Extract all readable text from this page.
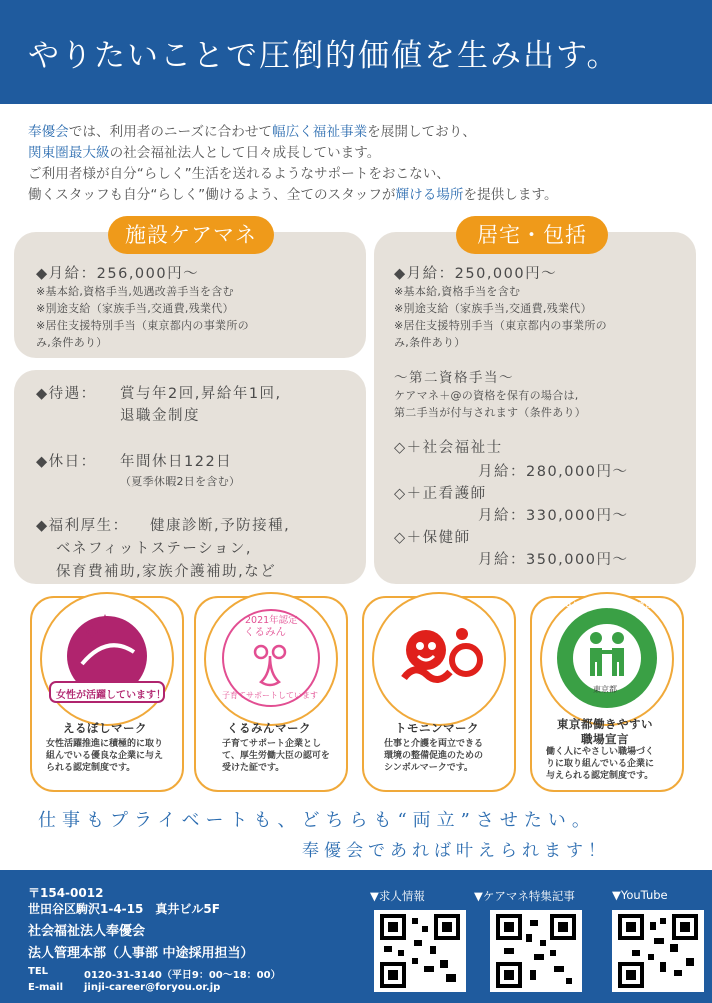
やりたいことで圧倒的価値を生み出す。
奉優会では、利用者のニーズに合わせて幅広く福祉事業を展開しており、
関東圏最大級の社会福祉法人として日々成長しています。
ご利用者様が自分“らしく”生活を送れるようなサポートをおこない、
働くスタッフも自分“らしく”働けるよう、全てのスタッフが輝ける場所を提供します。
施設ケアマネ
◆月給：256,000円～
※基本給,資格手当,処遇改善手当を含む
※別途支給（家族手当,交通費,残業代）
※居住支援特別手当（東京都内の事業所の
み,条件あり）
◆待遇： 賞与年2回,昇給年1回,
退職金制度
◆休日： 年間休日122日
（夏季休暇2日を含む）
◆福利厚生： 健康診断,予防接種,
ベネフィットステーション,
保育費補助,家族介護補助,など
居宅・包括
◆月給：250,000円～
※基本給,資格手当を含む
※別途支給（家族手当,交通費,残業代）
※居住支援特別手当（東京都内の事業所の
み,条件あり）
～第二資格手当～
ケアマネ＋@の資格を保有の場合は,
第二手当が付与されます（条件あり）
◇＋社会福祉士
月給：280,000円～
◇＋正看護師
月給：330,000円～
◇＋保健師
月給：350,000円～
女性が活躍しています！
えるぼしマーク
女性活躍推進に積極的に取り
組んでいる優良な企業に与え
られる認定制度です。
2021年認定
くるみん
子育てサポートしています
くるみんマーク
子育てサポート企業とし
て、厚生労働大臣の認可を
受けた証です。
トモニンマーク
仕事と介護を両立できる
環境の整備促進のための
シンボルマークです。
TOKYO 働きやすい福祉の職場宣言事業所
東京都
東京都働きやすい
職場宣言
働く人にやさしい職場づく
りに取り組んでいる企業に
与えられる認定制度です。
仕事もプライベートも、どちらも“両立”させたい。
奉優会であれば叶えられます！
〒154-0012
世田谷区駒沢1-4-15　真井ビル5F
社会福祉法人奉優会
法人管理本部（人事部 中途採用担当）
TEL	0120-31-3140（平日9：00～18：00）
E-mail jinji-career@foryou.or.jp
▼求人情報	▼ケアマネ特集記事	▼YouTube
